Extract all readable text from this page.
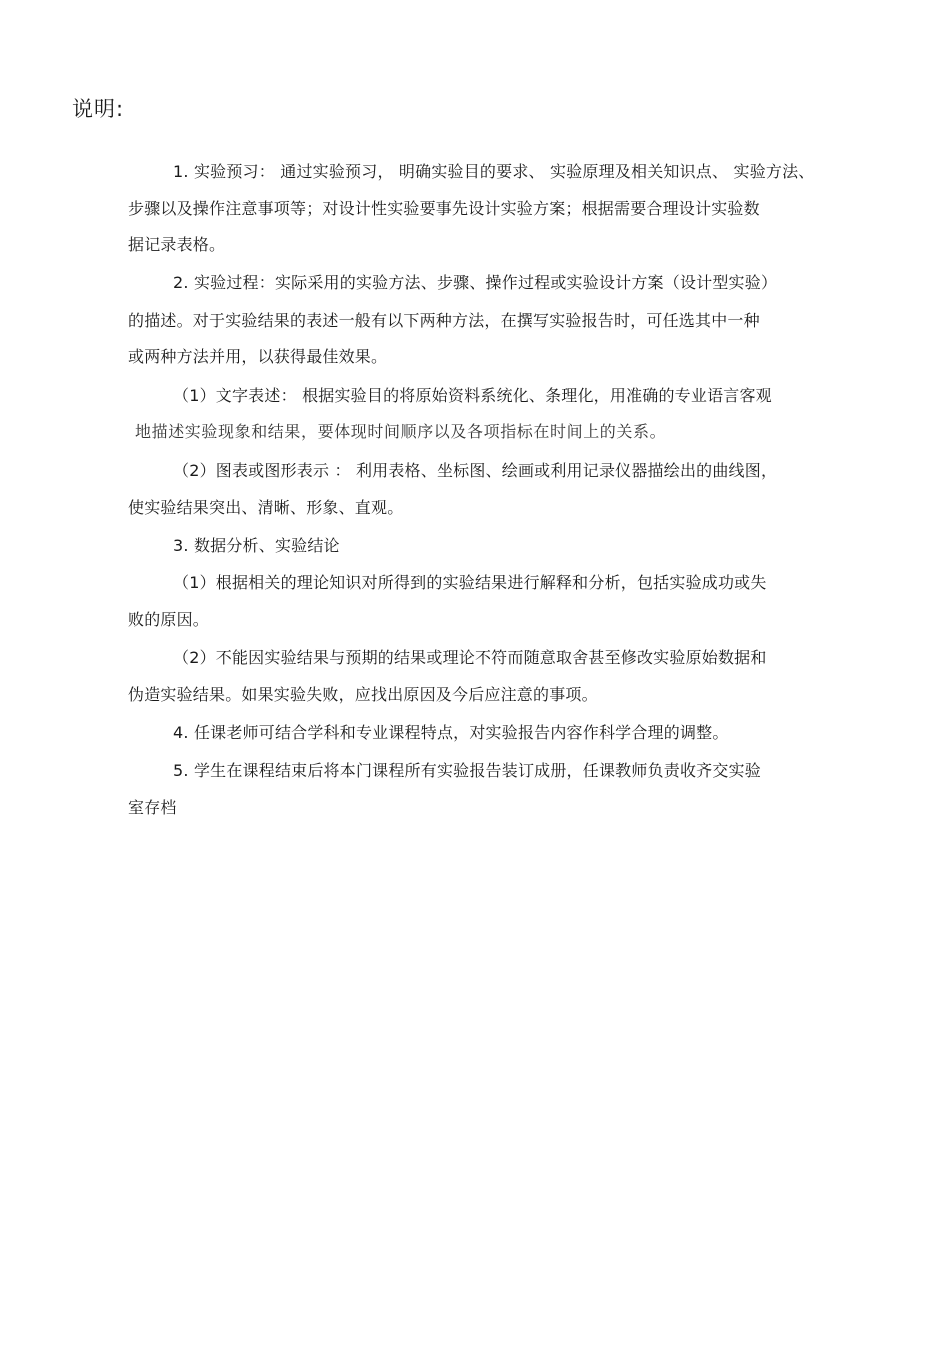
说明:
1. 实验预习： 通过实验预习， 明确实验目的要求、 实验原理及相关知识点、 实验方法、
步骤以及操作注意事项等；对设计性实验要事先设计实验方案；根据需要合理设计实验数
据记录表格。
2. 实验过程：实际采用的实验方法、步骤、操作过程或实验设计方案（设计型实验）
的描述。对于实验结果的表述一般有以下两种方法，在撰写实验报告时，可任选其中一种
或两种方法并用，以获得最佳效果。
（1）文字表述： 根据实验目的将原始资料系统化、条理化，用准确的专业语言客观
地描述实验现象和结果，要体现时间顺序以及各项指标在时间上的关系。
（2）图表或图形表示 ： 利用表格、坐标图、绘画或利用记录仪器描绘出的曲线图，
使实验结果突出、清晰、形象、直观。
3. 数据分析、实验结论
（1）根据相关的理论知识对所得到的实验结果进行解释和分析，包括实验成功或失
败的原因。
（2）不能因实验结果与预期的结果或理论不符而随意取舍甚至修改实验原始数据和
伪造实验结果。如果实验失败，应找出原因及今后应注意的事项。
4. 任课老师可结合学科和专业课程特点，对实验报告内容作科学合理的调整。
5. 学生在课程结束后将本门课程所有实验报告装订成册，任课教师负责收齐交实验
室存档
